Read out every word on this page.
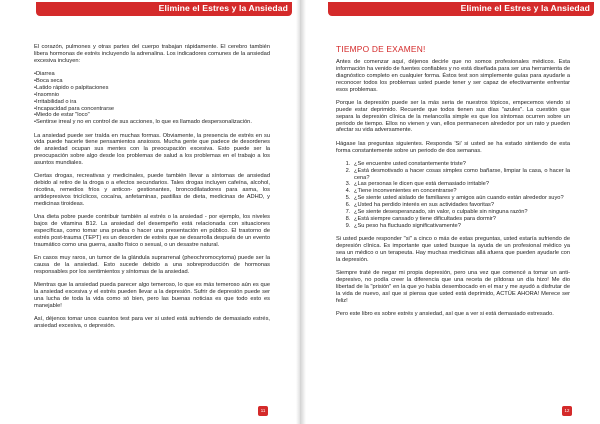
Elimine el Estres y la Ansiedad

El corazón, pulmones y otras partes del cuerpo trabajan rápidamente. El cerebro también libera hormonas de estrés incluyendo la adrenalina. Los indicadores comunes de la ansiedad excesiva incluyen:

• Diarrea
• Boca seca
• Latido rápido o palpitaciones
• Insomnio
• Irritabilidad o ira
• Incapacidad para concentrarse
• Miedo de estar "loco"
• Sentirse irreal y no en control de sus acciones, lo que es llamado despersonalización.

La ansiedad puede ser traída en muchas formas. Obviamente, la presencia de estrés en su vida puede hacerle tiene pensamientos ansiosos. Mucha gente que padece de desordenes de ansiedad ocupan sus mentes con la preocupación excesiva. Esto puede ser la preocupación sobre algo desde los problemas de salud a los problemas en el trabajo a los asuntos mundiales.

Ciertas drogas, recreativas y medicinales, puede también llevar a síntomas de ansiedad debido al retiro de la droga o a efectos secundarios. Tales drogas incluyen cafeína, alcohol, nicotina, remedios fríos y anticon- gestionantes, broncodilatadores para asma, los antidepresivos tricíclicos, cocaína, anfetaminas, pastillas de dieta, medicinas de ADHD, y medicinas tiroideas.

Una dieta pobre puede contribuir también al estrés o la ansiedad - por ejemplo, los niveles bajos de vitamina B12. La ansiedad del desempeño está relacionada con situaciones específicas, como tomar una prueba o hacer una presentación en público. El trastorno de estrés post-trauma (TEPT) es un desorden de estrés que se desarrolla después de un evento traumático como una guerra, asalto físico o sexual, o un desastre natural.

En casos muy raros, un tumor de la glándula suprarrenal (pheochromocytoma) puede ser la causa de la ansiedad. Esto sucede debido a una sobreproducción de hormonas responsables por los sentimientos y síntomas de la ansiedad.

Mientras que la ansiedad pueda parecer algo temeroso, lo que es más temeroso aún es que la ansiedad excesiva y el estrés pueden llevar a la depresión. Sufrir de depresión puede ser una lucha de toda la vida como só bien, pero las buenas noticias es que todo esto es manejable!

Así, déjenos tomar unos cuantos test para ver si usted está sufriendo de demasiado estrés, ansiedad excesiva, o depresión.

11
Elimine el Estres y la Ansiedad
TIEMPO DE EXAMEN!

Antes de comenzar aquí, déjenos decirle que no somos profesionales médicos. Esta información ha venido de fuentes confiables y no está diseñada para ser una herramienta de diagnóstico completo en cualquier forma. Éstos test son simplemente guías para ayudarle a reconocer todos los problemas usted puede tener y ser capaz de efectivamente enfrentar esos problemas.

Porque la depresión puede ser la más seria de nuestros tópicos, empecemos viendo si puede estar deprimido. Recuerde que todos tienen sus días "azules". La cuestión que separa la depresión clínica de la melancolía simple es que los síntomas ocurren sobre un periodo de tiempo. Ellos no vienen y van, ellos permanecen alrededor por un rato y pueden afectar su vida adversamente.

Hágase las preguntas siguientes. Responda 'Si' si usted se ha estado sintiendo de esta forma constantemente sobre un periodo de dos semanas.

1. ¿Se encuentre usted constantemente triste?
2. ¿Está desmotivado a hacer cosas simples como bañarse, limpiar la casa, o hacer la cena?
3. ¿Las personas le dicen que está demasiado irritable?
4. ¿Tiene inconvenientes en concentrarse?
5. ¿Se siente usted aislado de familiares y amigos aún cuando están alrededor suyo?
6. ¿Usted ha perdido interés en sus actividades favoritas?
7. ¿Se siente desesperanzado, sin valor, o culpable sin ninguna razón?
8. ¿Está siempre cansado y tiene dificultades para dormir?
9. ¿Su peso ha fluctuado significativamente?

Si usted puede responder "si" a cinco o más de estas preguntas, usted estaría sufriendo de depresión clínica. Es importante que usted busque la ayuda de un profesional médico ya sea un médico o un terapeuta. Hay muchas medicinas allá afuera que pueden ayudarle con la depresión.

Siempre traté de negar mi propia depresión, pero una vez que comencé a tomar un anti-depresivo, no podía creer la diferencia que una receta de píldoras un día hizo! Me dio libertad de la "prisión" en la que yo había desembocado en el mar y me ayudó a disfrutar de la vida de nuevo, así que si piensa que usted está deprimido, ACTÚE AHORA! Merece ser feliz!

Pero este libro es sobre estrés y ansiedad, así que a ver si está demasiado estresado.

12
